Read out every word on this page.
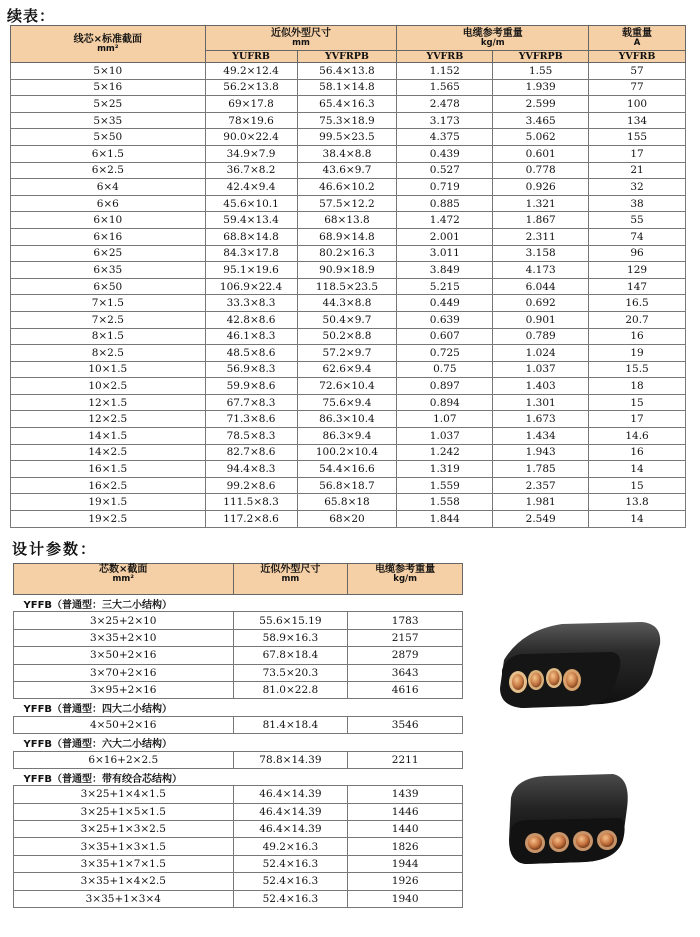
续表：
线芯×标准截面
mm²	近似外型尺寸
mm		电缆参考重量
kg/m		载重量
A

	YUFRB	YVFRPB	YVFRB	YVFRPB	YVFRB
5×10	49.2×12.4	56.4×13.8	1.152	1.55	57
5×16	56.2×13.8	58.1×14.8	1.565	1.939	77
5×25	69×17.8	65.4×16.3	2.478	2.599	100
5×35	78×19.6	75.3×18.9	3.173	3.465	134
5×50	90.0×22.4	99.5×23.5	4.375	5.062	155
6×1.5	34.9×7.9	38.4×8.8	0.439	0.601	17
6×2.5	36.7×8.2	43.6×9.7	0.527	0.778	21
6×4	42.4×9.4	46.6×10.2	0.719	0.926	32
6×6	45.6×10.1	57.5×12.2	0.885	1.321	38
6×10	59.4×13.4	68×13.8	1.472	1.867	55
6×16	68.8×14.8	68.9×14.8	2.001	2.311	74
6×25	84.3×17.8	80.2×16.3	3.011	3.158	96
6×35	95.1×19.6	90.9×18.9	3.849	4.173	129
6×50	106.9×22.4	118.5×23.5	5.215	6.044	147
7×1.5	33.3×8.3	44.3×8.8	0.449	0.692	16.5
7×2.5	42.8×8.6	50.4×9.7	0.639	0.901	20.7
8×1.5	46.1×8.3	50.2×8.8	0.607	0.789	16
8×2.5	48.5×8.6	57.2×9.7	0.725	1.024	19
10×1.5	56.9×8.3	62.6×9.4	0.75	1.037	15.5
10×2.5	59.9×8.6	72.6×10.4	0.897	1.403	18
12×1.5	67.7×8.3	75.6×9.4	0.894	1.301	15
12×2.5	71.3×8.6	86.3×10.4	1.07	1.673	17
14×1.5	78.5×8.3	86.3×9.4	1.037	1.434	14.6
14×2.5	82.7×8.6	100.2×10.4	1.242	1.943	16
16×1.5	94.4×8.3	54.4×16.6	1.319	1.785	14
16×2.5	99.2×8.6	56.8×18.7	1.559	2.357	15
19×1.5	111.5×8.3	65.8×18	1.558	1.981	13.8
19×2.5	117.2×8.6	68×20	1.844	2.549	14
设计参数：
芯数×截面
mm²	近似外型尺寸
mm	电缆参考重量
kg/m

YFFB（普通型：三大二小结构）		
3×25+2×10	55.6×15.19	1783
3×35+2×10	58.9×16.3	2157
3×50+2×16	67.8×18.4	2879
3×70+2×16	73.5×20.3	3643
3×95+2×16	81.0×22.8	4616
YFFB（普通型：四大二小结构）		
4×50+2×16	81.4×18.4	3546
YFFB（普通型：六大二小结构）		
6×16+2×2.5	78.8×14.39	2211
YFFB（普通型：带有绞合芯结构）		
3×25+1×4×1.5	46.4×14.39	1439
3×25+1×5×1.5	46.4×14.39	1446
3×25+1×3×2.5	46.4×14.39	1440
3×35+1×3×1.5	49.2×16.3	1826
3×35+1×7×1.5	52.4×16.3	1944
3×35+1×4×2.5	52.4×16.3	1926
3×35+1×3×4	52.4×16.3	1940
